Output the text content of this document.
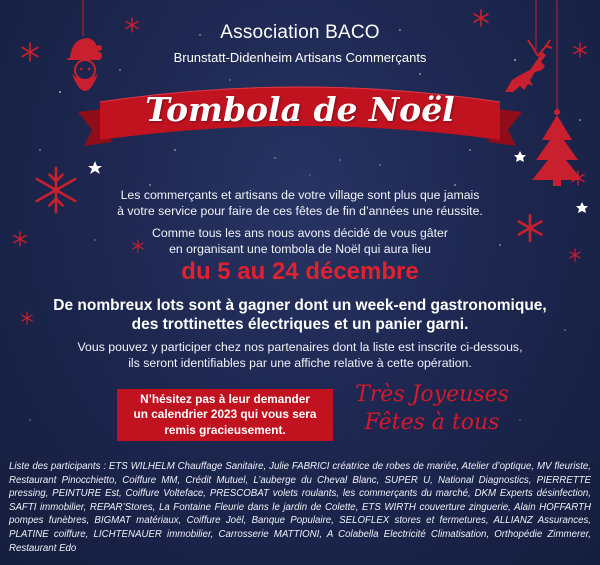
Association BACO
Brunstatt-Didenheim Artisans Commerçants
Tombola de Noël
Les commerçants et artisans de votre village sont plus que jamais
à votre service pour faire de ces fêtes de fin d’années une réussite.
Comme tous les ans nous avons décidé de vous gâter
en organisant une tombola de Noël qui aura lieu
du 5 au 24 décembre
De nombreux lots sont à gagner dont un week-end gastronomique,
des trottinettes électriques et un panier garni.
Vous pouvez y participer chez nos partenaires dont la liste est inscrite ci-dessous,
ils seront identifiables par une affiche relative à cette opération.
N’hésitez pas à leur demander
un calendrier 2023 qui vous sera
remis gracieusement.
Très Joyeuses
Fêtes à tous
Liste des participants : ETS WILHELM Chauffage Sanitaire, Julie FABRICI créatrice de robes de mariée, Atelier d’optique, MV fleuriste, Restaurant Pinocchietto, Coiffure MM, Crédit Mutuel, L’auberge du Cheval Blanc, SUPER U, National Diagnostics, PIERRETTE pressing, PEINTURE Est, Coiffure Volteface, PRESCOBAT volets roulants, les commerçants du marché, DKM Experts désinfection, SAFTI immobilier, REPAR’Stores, La Fontaine Fleurie dans le jardin de Colette, ETS WIRTH couverture zinguerie, Alain HOFFARTH pompes funèbres, BIGMAT matériaux, Coiffure Joël, Banque Populaire, SELOFLEX stores et fermetures, ALLIANZ Assurances, PLATINE coiffure, LICHTENAUER immobilier, Carrosserie MATTIONI, A Colabella Electricité Climatisation, Orthopédie Zimmerer, Restaurant Edo
